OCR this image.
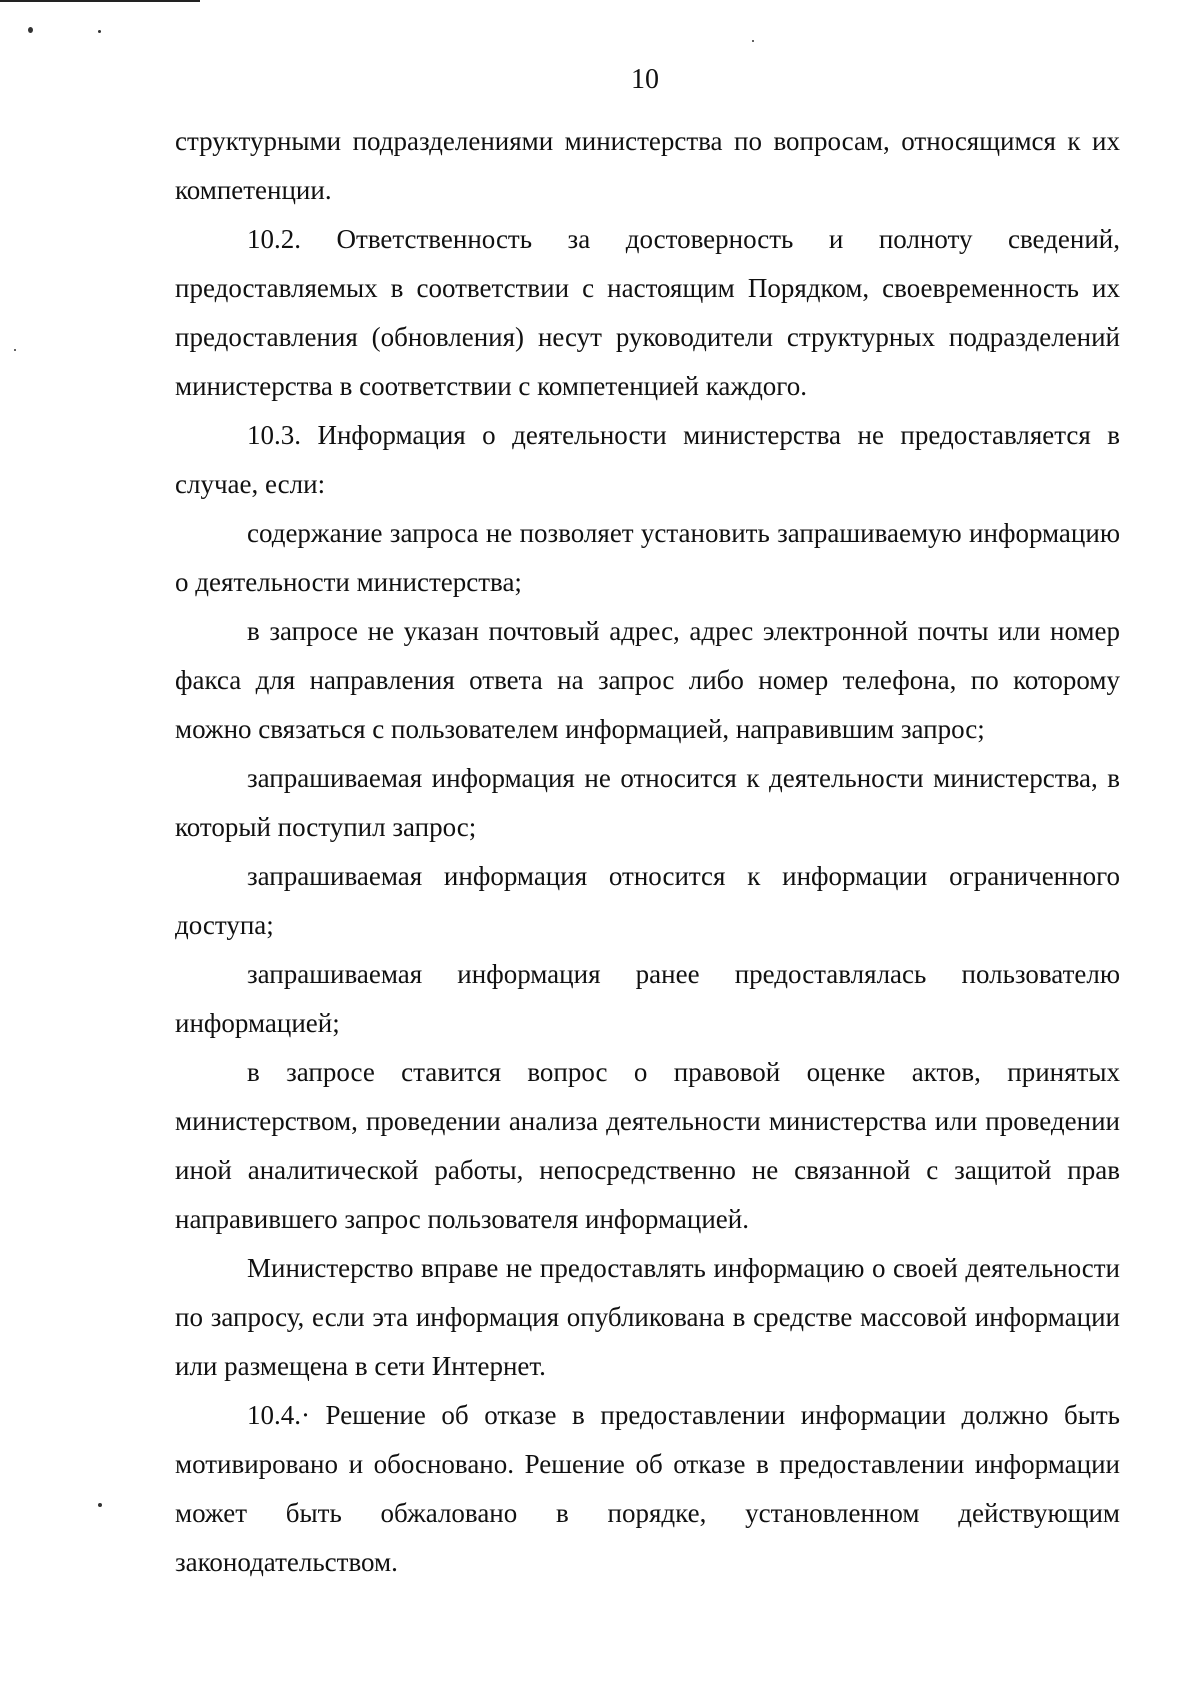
10

структурными подразделениями министерства по вопросам, относящимся к их компетенции.

10.2. Ответственность за достоверность и полноту сведений, предоставляемых в соответствии с настоящим Порядком, своевременность их предоставления (обновления) несут руководители структурных подразделений министерства в соответствии с компетенцией каждого.

10.3. Информация о деятельности министерства не предоставляется в случае, если:

содержание запроса не позволяет установить запрашиваемую информацию о деятельности министерства;

в запросе не указан почтовый адрес, адрес электронной почты или номер факса для направления ответа на запрос либо номер телефона, по которому можно связаться с пользователем информацией, направившим запрос;

запрашиваемая информация не относится к деятельности министерства, в который поступил запрос;

запрашиваемая информация относится к информации ограниченного доступа;

запрашиваемая информация ранее предоставлялась пользователю информацией;

в запросе ставится вопрос о правовой оценке актов, принятых министерством, проведении анализа деятельности министерства или проведении иной аналитической работы, непосредственно не связанной с защитой прав направившего запрос пользователя информацией.

Министерство вправе не предоставлять информацию о своей деятельности по запросу, если эта информация опубликована в средстве массовой информации или размещена в сети Интернет.

10.4.· Решение об отказе в предоставлении информации должно быть мотивировано и обосновано. Решение об отказе в предоставлении информации может быть обжаловано в порядке, установленном действующим законодательством.
